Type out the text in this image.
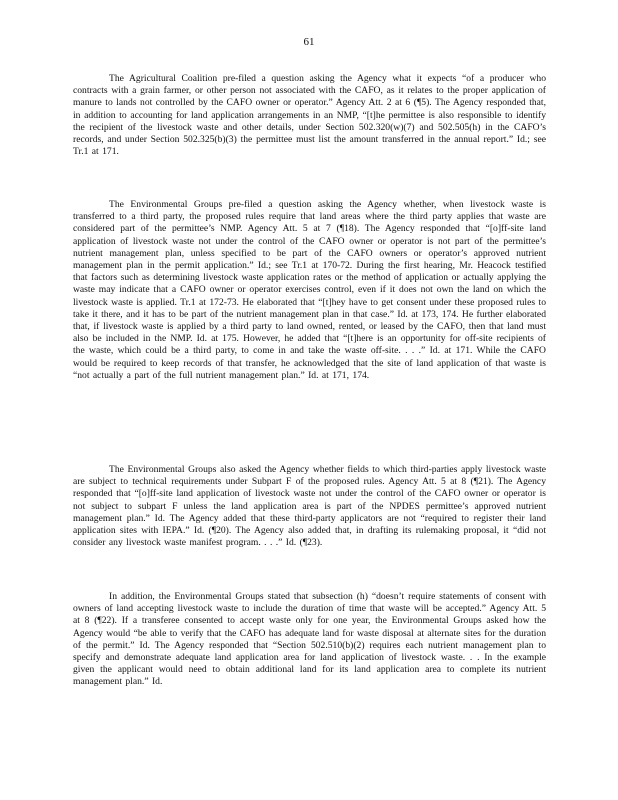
61

The Agricultural Coalition pre-filed a question asking the Agency what it expects “of a producer who contracts with a grain farmer, or other person not associated with the CAFO, as it relates to the proper application of manure to lands not controlled by the CAFO owner or operator.” Agency Att. 2 at 6 (¶5). The Agency responded that, in addition to accounting for land application arrangements in an NMP, “[t]he permittee is also responsible to identify the recipient of the livestock waste and other details, under Section 502.320(w)(7) and 502.505(h) in the CAFO’s records, and under Section 502.325(b)(3) the permittee must list the amount transferred in the annual report.” Id.; see Tr.1 at 171.

The Environmental Groups pre-filed a question asking the Agency whether, when livestock waste is transferred to a third party, the proposed rules require that land areas where the third party applies that waste are considered part of the permittee’s NMP. Agency Att. 5 at 7 (¶18). The Agency responded that “[o]ff-site land application of livestock waste not under the control of the CAFO owner or operator is not part of the permittee’s nutrient management plan, unless specified to be part of the CAFO owners or operator’s approved nutrient management plan in the permit application.” Id.; see Tr.1 at 170-72. During the first hearing, Mr. Heacock testified that factors such as determining livestock waste application rates or the method of application or actually applying the waste may indicate that a CAFO owner or operator exercises control, even if it does not own the land on which the livestock waste is applied. Tr.1 at 172-73. He elaborated that “[t]hey have to get consent under these proposed rules to take it there, and it has to be part of the nutrient management plan in that case.” Id. at 173, 174. He further elaborated that, if livestock waste is applied by a third party to land owned, rented, or leased by the CAFO, then that land must also be included in the NMP. Id. at 175. However, he added that “[t]here is an opportunity for off-site recipients of the waste, which could be a third party, to come in and take the waste off-site. . . .” Id. at 171. While the CAFO would be required to keep records of that transfer, he acknowledged that the site of land application of that waste is “not actually a part of the full nutrient management plan.” Id. at 171, 174.

The Environmental Groups also asked the Agency whether fields to which third-parties apply livestock waste are subject to technical requirements under Subpart F of the proposed rules. Agency Att. 5 at 8 (¶21). The Agency responded that “[o]ff-site land application of livestock waste not under the control of the CAFO owner or operator is not subject to subpart F unless the land application area is part of the NPDES permittee’s approved nutrient management plan.” Id. The Agency added that these third-party applicators are not “required to register their land application sites with IEPA.” Id. (¶20). The Agency also added that, in drafting its rulemaking proposal, it “did not consider any livestock waste manifest program. . . .” Id. (¶23).

In addition, the Environmental Groups stated that subsection (h) “doesn’t require statements of consent with owners of land accepting livestock waste to include the duration of time that waste will be accepted.” Agency Att. 5 at 8 (¶22). If a transferee consented to accept waste only for one year, the Environmental Groups asked how the Agency would “be able to verify that the CAFO has adequate land for waste disposal at alternate sites for the duration of the permit.” Id. The Agency responded that “Section 502.510(b)(2) requires each nutrient management plan to specify and demonstrate adequate land application area for land application of livestock waste. . . In the example given the applicant would need to obtain additional land for its land application area to complete its nutrient management plan.” Id.
